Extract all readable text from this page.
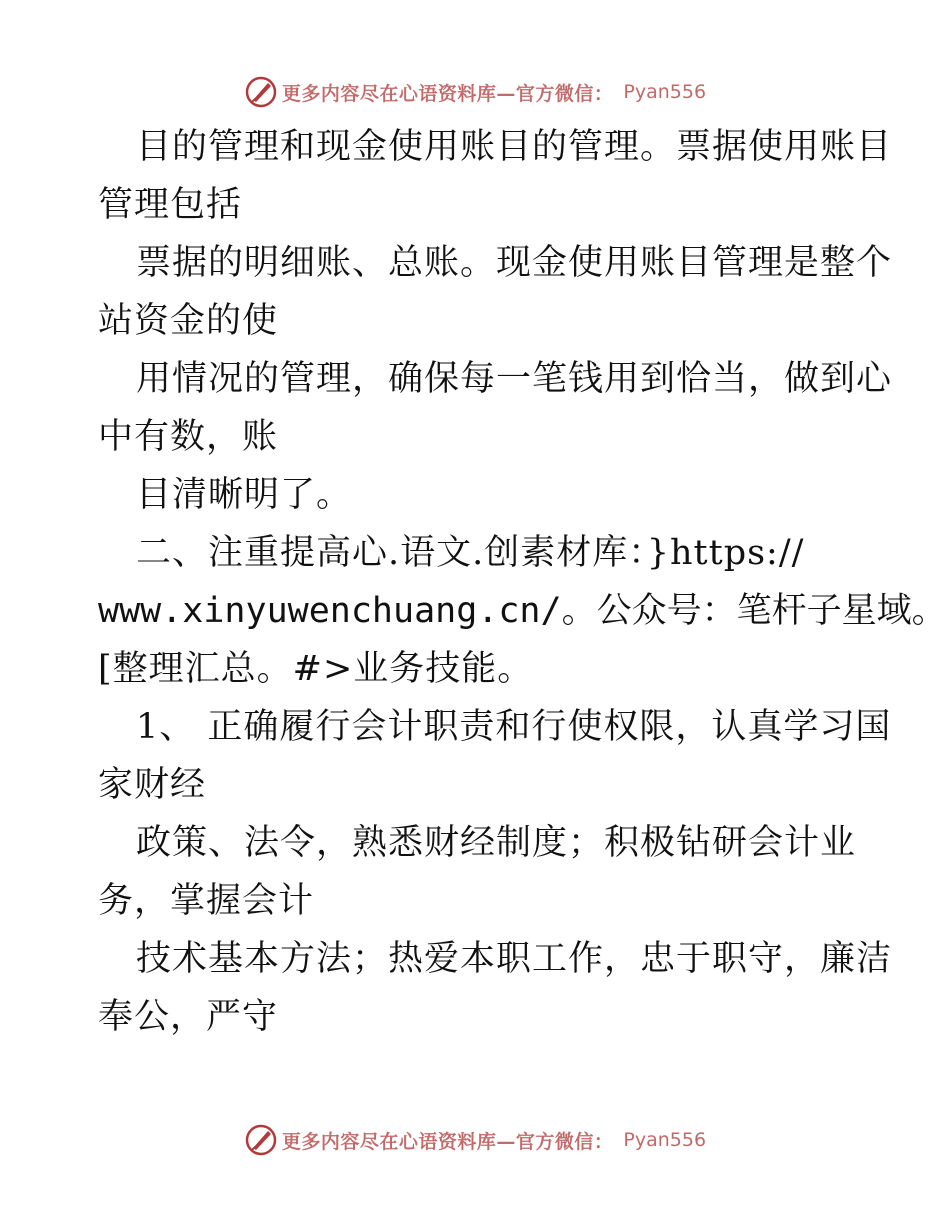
更多内容尽在心语资料库—官方微信： Pyan556
目的管理和现金使用账目的管理。票据使用账目
管理包括
票据的明细账、总账。现金使用账目管理是整个
站资金的使
用情况的管理，确保每一笔钱用到恰当，做到心
中有数，账
目清晰明了。
二、注重提高心.语文.创素材库：}https://
www.xinyuwenchuang.cn/。公众号：笔杆子星域。
[整理汇总。#>业务技能。
1、 正确履行会计职责和行使权限，认真学习国
家财经
政策、法令，熟悉财经制度；积极钻研会计业
务，掌握会计
技术基本方法；热爱本职工作，忠于职守，廉洁
奉公，严守
更多内容尽在心语资料库—官方微信： Pyan556
